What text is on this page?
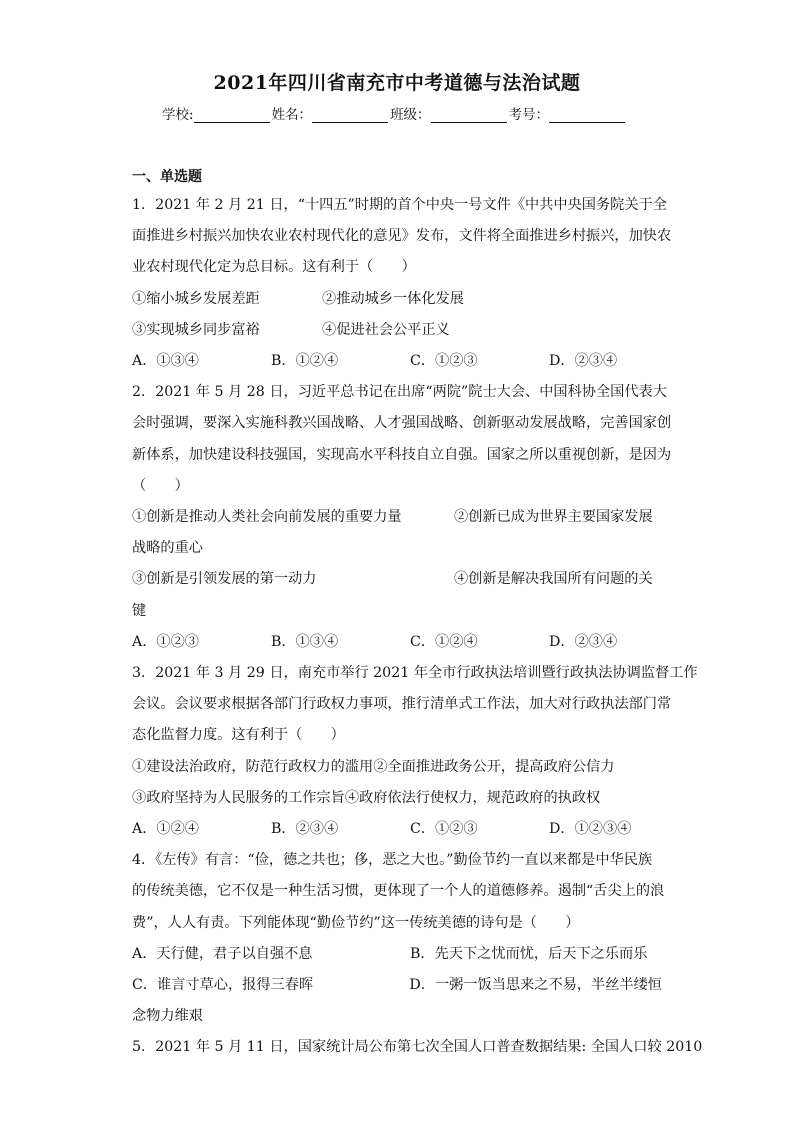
2021年四川省南充市中考道德与法治试题
学校:	姓名：	班级：	考号：
一、单选题
1．2021 年 2 月 21 日，“十四五”时期的首个中央一号文件《中共中央国务院关于全
面推进乡村振兴加快农业农村现代化的意见》发布，文件将全面推进乡村振兴，加快农
业农村现代化定为总目标。这有利于（　　）
①缩小城乡发展差距	②推动城乡一体化发展
③实现城乡同步富裕	④促进社会公平正义
A．①③④	B．①②④	C．①②③	D．②③④
2．2021 年 5 月 28 日，习近平总书记在出席“两院”院士大会、中国科协全国代表大
会时强调，要深入实施科教兴国战略、人才强国战略、创新驱动发展战略，完善国家创
新体系，加快建设科技强国，实现高水平科技自立自强。国家之所以重视创新，是因为
（　　）
①创新是推动人类社会向前发展的重要力量	②创新已成为世界主要国家发展
战略的重心
③创新是引领发展的第一动力	④创新是解决我国所有问题的关
键
A．①②③	B．①③④	C．①②④	D．②③④
3．2021 年 3 月 29 日，南充市举行 2021 年全市行政执法培训暨行政执法协调监督工作
会议。会议要求根据各部门行政权力事项，推行清单式工作法，加大对行政执法部门常
态化监督力度。这有利于（　　）
①建设法治政府，防范行政权力的滥用②全面推进政务公开，提高政府公信力
③政府坚持为人民服务的工作宗旨④政府依法行使权力，规范政府的执政权
A．①②④	B．②③④	C．①②③	D．①②③④
4．《左传》有言：“俭，德之共也；侈，恶之大也。”勤俭节约一直以来都是中华民族
的传统美德，它不仅是一种生活习惯，更体现了一个人的道德修养。遏制“舌尖上的浪
费”，人人有责。下列能体现“勤俭节约”这一传统美德的诗句是（　　）
A．天行健，君子以自强不息	B．先天下之忧而忧，后天下之乐而乐
C．谁言寸草心，报得三春晖	D．一粥一饭当思来之不易，半丝半缕恒
念物力维艰
5．2021 年 5 月 11 日，国家统计局公布第七次全国人口普查数据结果: 全国人口较 2010
